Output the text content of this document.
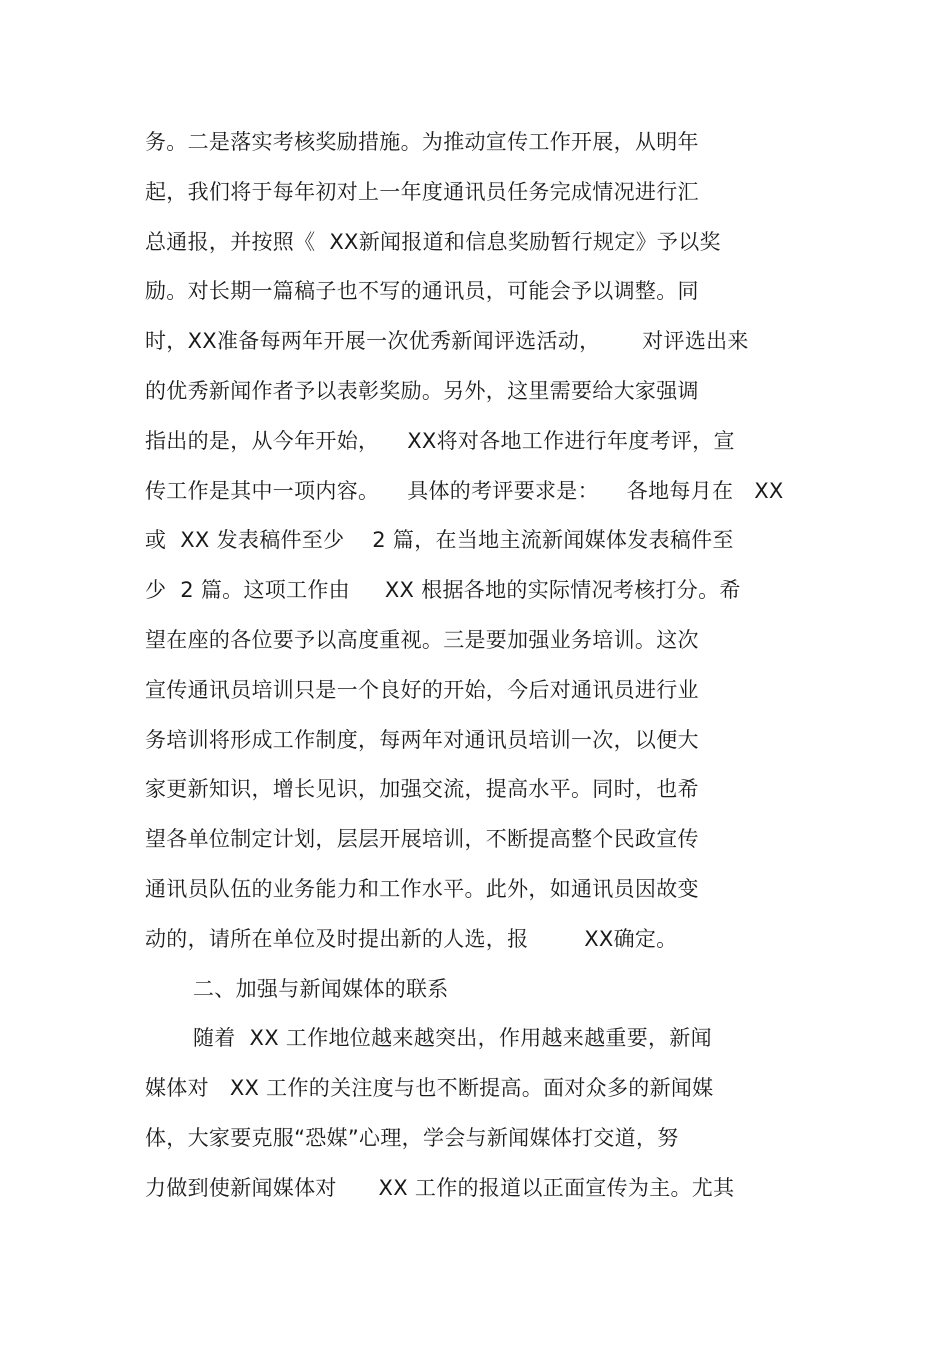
务。二是落实考核奖励措施。为推动宣传工作开展，从明年
起，我们将于每年初对上一年度通讯员任务完成情况进行汇
总通报，并按照《  XX新闻报道和信息奖励暂行规定》予以奖
励。对长期一篇稿子也不写的通讯员，可能会予以调整。同
时，XX准备每两年开展一次优秀新闻评选活动，      对评选出来
的优秀新闻作者予以表彰奖励。另外，这里需要给大家强调
指出的是，从今年开始，    XX将对各地工作进行年度考评，宣
传工作是其中一项内容。    具体的考评要求是：    各地每月在   XX
或  XX 发表稿件至少    2 篇，在当地主流新闻媒体发表稿件至
少  2 篇。这项工作由     XX 根据各地的实际情况考核打分。希
望在座的各位要予以高度重视。三是要加强业务培训。这次
宣传通讯员培训只是一个良好的开始，今后对通讯员进行业
务培训将形成工作制度，每两年对通讯员培训一次，以便大
家更新知识，增长见识，加强交流，提高水平。同时，也希
望各单位制定计划，层层开展培训，不断提高整个民政宣传
通讯员队伍的业务能力和工作水平。此外，如通讯员因故变
动的，请所在单位及时提出新的人选，报        XX确定。
二、加强与新闻媒体的联系
随着  XX 工作地位越来越突出，作用越来越重要，新闻
媒体对   XX 工作的关注度与也不断提高。面对众多的新闻媒
体，大家要克服“恐媒”心理，学会与新闻媒体打交道，努
力做到使新闻媒体对      XX 工作的报道以正面宣传为主。尤其
